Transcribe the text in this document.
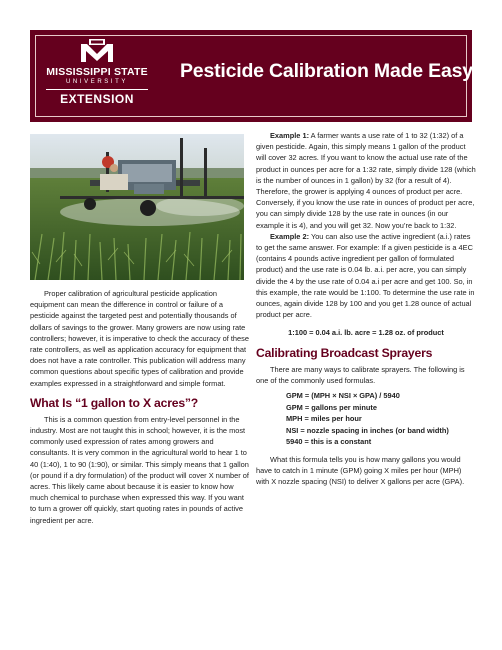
MISSISSIPPI STATE
UNIVERSITY
EXTENSION
Pesticide Calibration Made Easy

Proper calibration of agricultural pesticide application equipment can mean the difference in control or failure of a pesticide against the targeted pest and potentially thousands of dollars of savings to the grower. Many growers are now using rate controllers; however, it is imperative to check the accuracy of these rate controllers, as well as application accuracy for equipment that does not have a rate controller. This publication will address many common questions about specific types of calibration and provide examples expressed in a straightforward and simple format.

What Is “1 gallon to X acres”?

This is a common question from entry-level personnel in the industry. Most are not taught this in school; however, it is the most commonly used expression of rates among growers and consultants. It is very common in the agricultural world to hear 1 to 40 (1:40), 1 to 90 (1:90), or similar. This simply means that 1 gallon (or pound if a dry formulation) of the product will cover X number of acres. This likely came about because it is easier to know how much chemical to purchase when expressed this way. If you want to turn a grower off quickly, start quoting rates in pounds of active ingredient per acre.

Example 1: A farmer wants a use rate of 1 to 32 (1:32) of a given pesticide. Again, this simply means 1 gallon of the product will cover 32 acres. If you want to know the actual use rate of the product in ounces per acre for a 1:32 rate, simply divide 128 (which is the number of ounces in 1 gallon) by 32 (for a result of 4). Therefore, the grower is applying 4 ounces of product per acre. Conversely, if you know the use rate in ounces of product per acre, you can simply divide 128 by the use rate in ounces (in our example it is 4), and you will get 32. Now you’re back to 1:32.

Example 2: You can also use the active ingredient (a.i.) rates to get the same answer. For example: If a given pesticide is a 4EC (contains 4 pounds active ingredient per gallon of formulated product) and the use rate is 0.04 lb. a.i. per acre, you can simply divide the 4 by the use rate of 0.04 a.i per acre and get 100. So, in this example, the rate would be 1:100. To determine the use rate in ounces, again divide 128 by 100 and you get 1.28 ounce of actual product per acre.

1:100 = 0.04 a.i. lb. acre = 1.28 oz. of product

Calibrating Broadcast Sprayers

There are many ways to calibrate sprayers. The following is one of the commonly used formulas.

GPM = (MPH × NSI × GPA) / 5940
GPM = gallons per minute
MPH = miles per hour
NSI = nozzle spacing in inches (or band width)
5940 = this is a constant

What this formula tells you is how many gallons you would have to catch in 1 minute (GPM) going X miles per hour (MPH) with X nozzle spacing (NSI) to deliver X gallons per acre (GPA).
